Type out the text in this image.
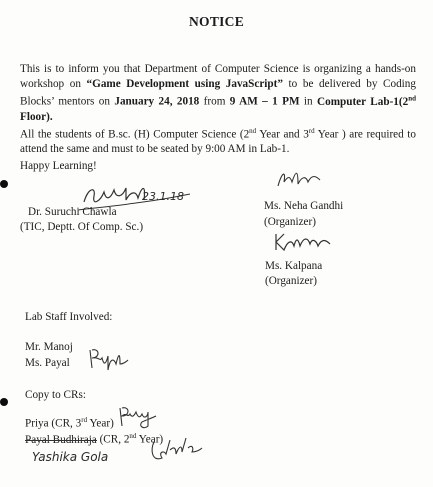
NOTICE
This is to inform you that Department of Computer Science is organizing a hands-on workshop on “Game Development using JavaScript” to be delivered by Coding Blocks’ mentors on January 24, 2018 from 9 AM – 1 PM in Computer Lab-1(2nd Floor).
All the students of B.sc. (H) Computer Science (2nd Year and 3rd Year ) are required to attend the same and must to be seated by 9:00 AM in Lab-1.
Happy Learning!
23.1.18
Dr. Suruchi Chawla
(TIC, Deptt. Of Comp. Sc.)
Ms. Neha Gandhi
(Organizer)
Ms. Kalpana
(Organizer)
Lab Staff Involved:
Mr. Manoj
Ms. Payal
Copy to CRs:
Priya (CR, 3rd Year)
Payal Budhiraja (CR, 2nd Year)
Yashika Gola
